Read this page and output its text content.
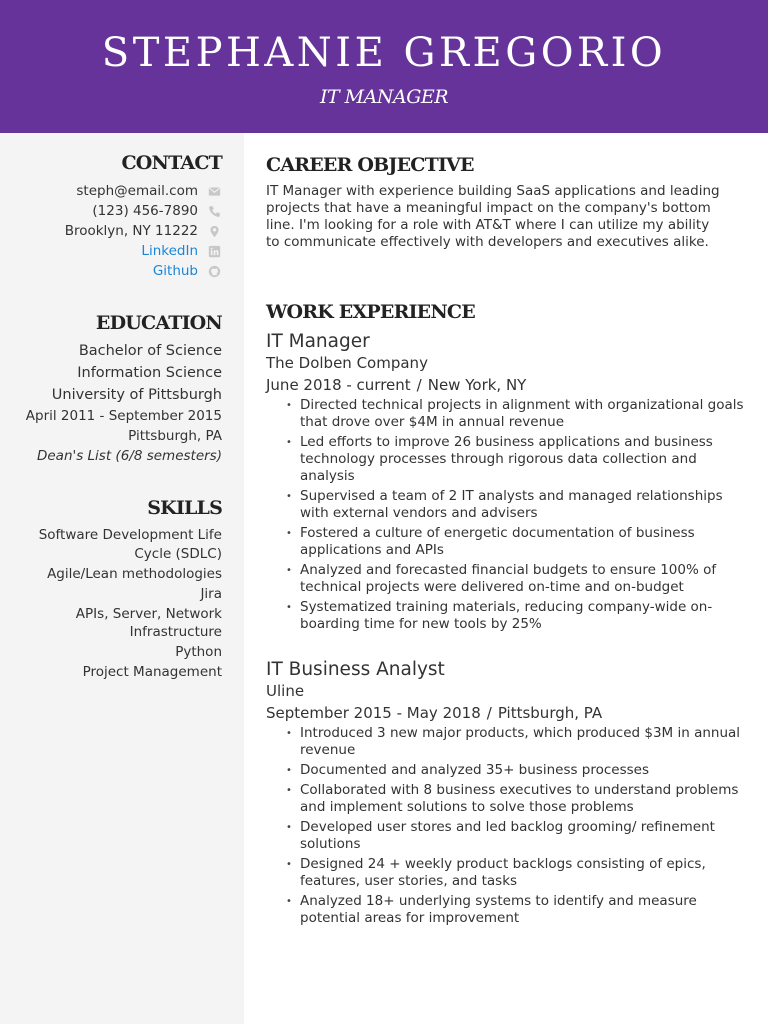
STEPHANIE GREGORIO
IT MANAGER
CONTACT
steph@email.com
(123) 456-7890
Brooklyn, NY 11222
LinkedIn
Github
EDUCATION
Bachelor of Science
Information Science
University of Pittsburgh
April 2011 - September 2015
Pittsburgh, PA
Dean's List (6/8 semesters)
SKILLS
Software Development Life Cycle (SDLC)
Agile/Lean methodologies
Jira
APIs, Server, Network Infrastructure
Python
Project Management
CAREER OBJECTIVE
IT Manager with experience building SaaS applications and leading projects that have a meaningful impact on the company's bottom line. I'm looking for a role with AT&T where I can utilize my ability to communicate effectively with developers and executives alike.
WORK EXPERIENCE
IT Manager
The Dolben Company
June 2018 - current / New York, NY
• Directed technical projects in alignment with organizational goals that drove over $4M in annual revenue
• Led efforts to improve 26 business applications and business technology processes through rigorous data collection and analysis
• Supervised a team of 2 IT analysts and managed relationships with external vendors and advisers
• Fostered a culture of energetic documentation of business applications and APIs
• Analyzed and forecasted financial budgets to ensure 100% of technical projects were delivered on-time and on-budget
• Systematized training materials, reducing company-wide on-boarding time for new tools by 25%
IT Business Analyst
Uline
September 2015 - May 2018 / Pittsburgh, PA
• Introduced 3 new major products, which produced $3M in annual revenue
• Documented and analyzed 35+ business processes
• Collaborated with 8 business executives to understand problems and implement solutions to solve those problems
• Developed user stores and led backlog grooming/ refinement solutions
• Designed 24 + weekly product backlogs consisting of epics, features, user stories, and tasks
• Analyzed 18+ underlying systems to identify and measure potential areas for improvement
